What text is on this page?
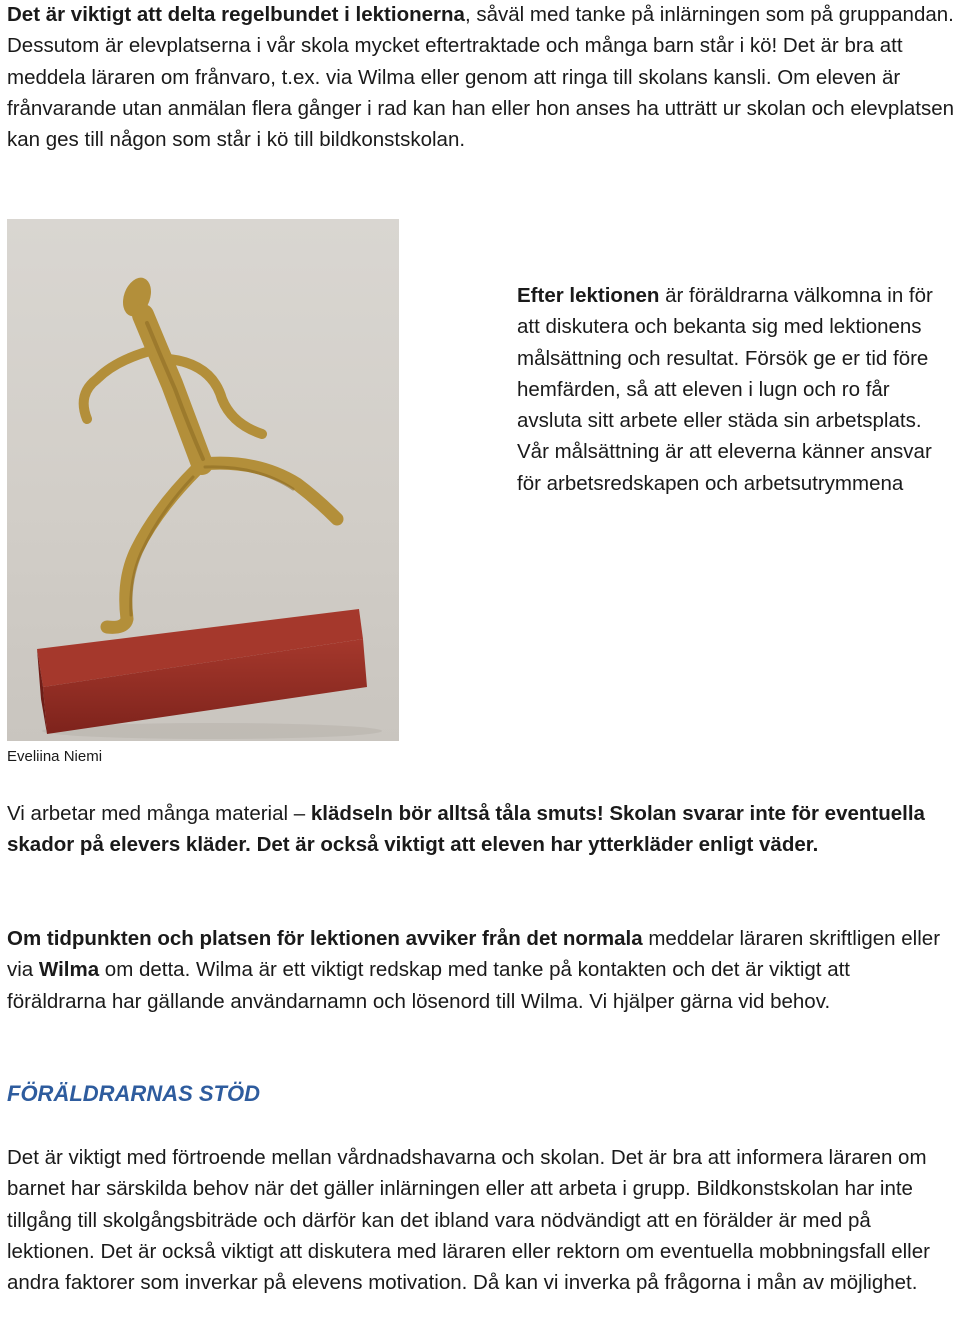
Det är viktigt att delta regelbundet i lektionerna, såväl med tanke på inlärningen som på gruppandan. Dessutom är elevplatserna i vår skola mycket eftertraktade och många barn står i kö! Det är bra att meddela läraren om frånvaro, t.ex. via Wilma eller genom att ringa till skolans kansli. Om eleven är frånvarande utan anmälan flera gånger i rad kan han eller hon anses ha utträtt ur skolan och elevplatsen kan ges till någon som står i kö till bildkonstskolan.

Eveliina Niemi

Efter lektionen är föräldrarna välkomna in för att diskutera och bekanta sig med lektionens målsättning och resultat. Försök ge er tid före hemfärden, så att eleven i lugn och ro får avsluta sitt arbete eller städa sin arbetsplats. Vår målsättning är att eleverna känner ansvar för arbetsredskapen och arbetsutrymmena

Vi arbetar med många material – klädseln bör alltså tåla smuts! Skolan svarar inte för eventuella skador på elevers kläder. Det är också viktigt att eleven har ytterkläder enligt väder.

Om tidpunkten och platsen för lektionen avviker från det normala meddelar läraren skriftligen eller via Wilma om detta. Wilma är ett viktigt redskap med tanke på kontakten och det är viktigt att föräldrarna har gällande användarnamn och lösenord till Wilma. Vi hjälper gärna vid behov.

FÖRÄLDRARNAS STÖD

Det är viktigt med förtroende mellan vårdnadshavarna och skolan. Det är bra att informera läraren om barnet har särskilda behov när det gäller inlärningen eller att arbeta i grupp. Bildkonstskolan har inte tillgång till skolgångsbiträde och därför kan det ibland vara nödvändigt att en förälder är med på lektionen. Det är också viktigt att diskutera med läraren eller rektorn om eventuella mobbningsfall eller andra faktorer som inverkar på elevens motivation. Då kan vi inverka på frågorna i mån av möjlighet.
